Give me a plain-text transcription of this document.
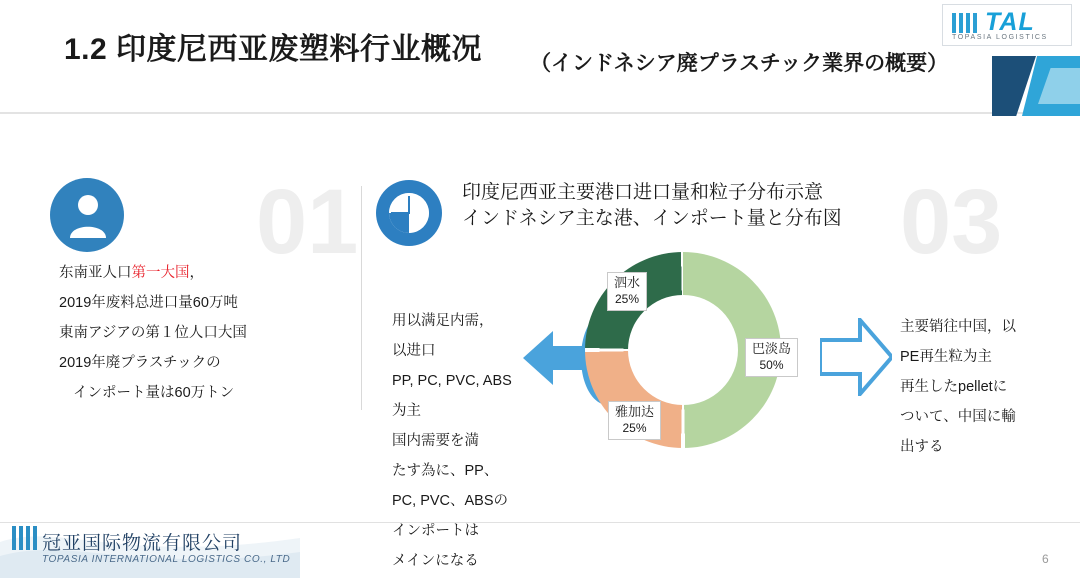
1.2 印度尼西亚废塑料行业概况 （インドネシア廃プラスチック業界の概要）
TAL
TOPASIA LOGISTICS
01	03
东南亚人口第一大国，
2019年废料总进口量60万吨
東南アジアの第１位人口大国
2019年廃プラスチックの
インポート量は60万トン
印度尼西亚主要港口进口量和粒子分布示意
インドネシア主な港、インポート量と分布図
用以满足内需，
以进口
PP, PC, PVC, ABS
为主
国内需要を満
たす為に、PP、
PC, PVC、ABSの
インポートは
メインになる
泗水
25%
雅加达
25%
巴淡岛
50%
主要销往中国，以
PE再生粒为主
再生したpelletに
ついて、中国に輸
出する
冠亚国际物流有限公司
TOPASIA INTERNATIONAL LOGISTICS CO., LTD	6
